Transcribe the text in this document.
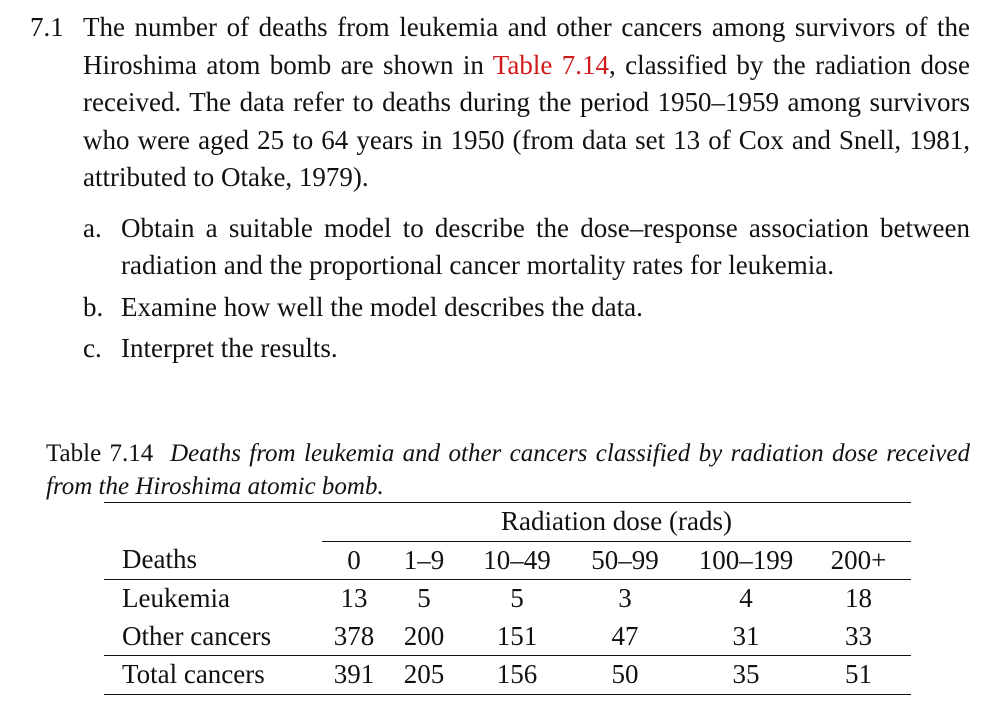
7.1 The number of deaths from leukemia and other cancers among survivors of the Hiroshima atom bomb are shown in Table 7.14, classified by the radiation dose received. The data refer to deaths during the period 1950–1959 among survivors who were aged 25 to 64 years in 1950 (from data set 13 of Cox and Snell, 1981, attributed to Otake, 1979).
a. Obtain a suitable model to describe the dose–response association between radiation and the proportional cancer mortality rates for leukemia.
b. Examine how well the model describes the data.
c. Interpret the results.
Table 7.14 Deaths from leukemia and other cancers classified by radiation dose received from the Hiroshima atomic bomb.
	Radiation dose (rads)					
Deaths	0	1–9	10–49	50–99	100–199	200+
Leukemia	13	5	5	3	4	18
Other cancers	378	200	151	47	31	33
Total cancers	391	205	156	50	35	51
